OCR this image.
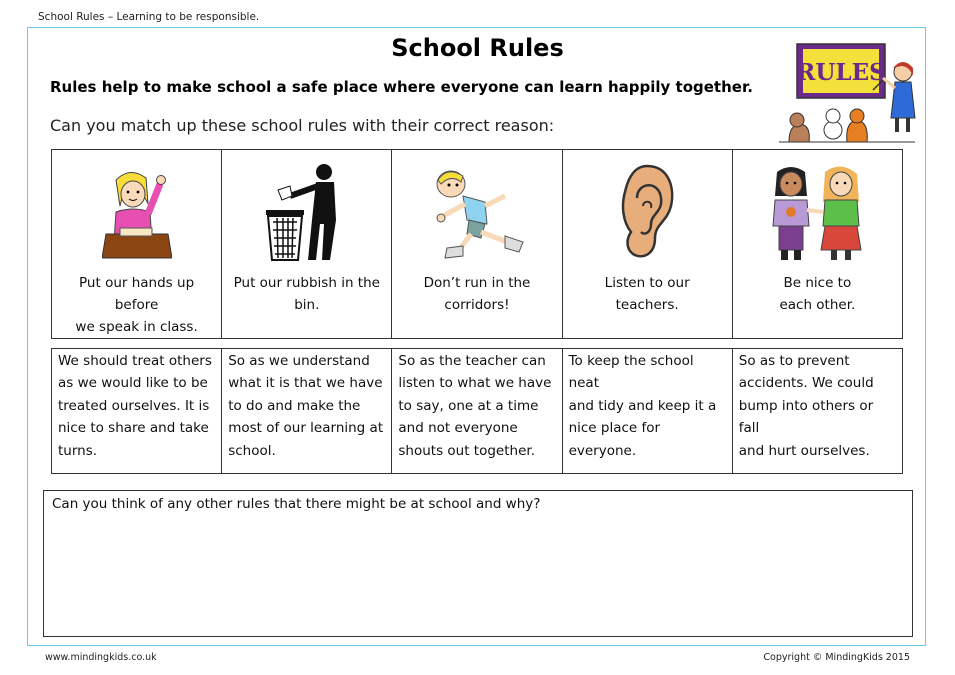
School Rules – Learning to be responsible.
School Rules
RULES
Rules help to make school a safe place where everyone can learn happily together.
Can you match up these school rules with their correct reason:
Put our hands up before
we speak in class.

Put our rubbish in the
bin.

Don’t run in the
corridors!

Listen to our
teachers.

Be nice to
each other.
We should treat others
as we would like to be
treated ourselves. It is
nice to share and take
turns.	So as we understand
what it is that we have
to do and make the
most of our learning at
school.	So as the teacher can
listen to what we have
to say, one at a time
and not everyone
shouts out together.	To keep the school neat
and tidy and keep it a
nice place for everyone.	So as to prevent
accidents. We could
bump into others or fall
and hurt ourselves.
Can you think of any other rules that there might be at school and why?
www.mindingkids.co.uk	Copyright © MindingKids 2015
